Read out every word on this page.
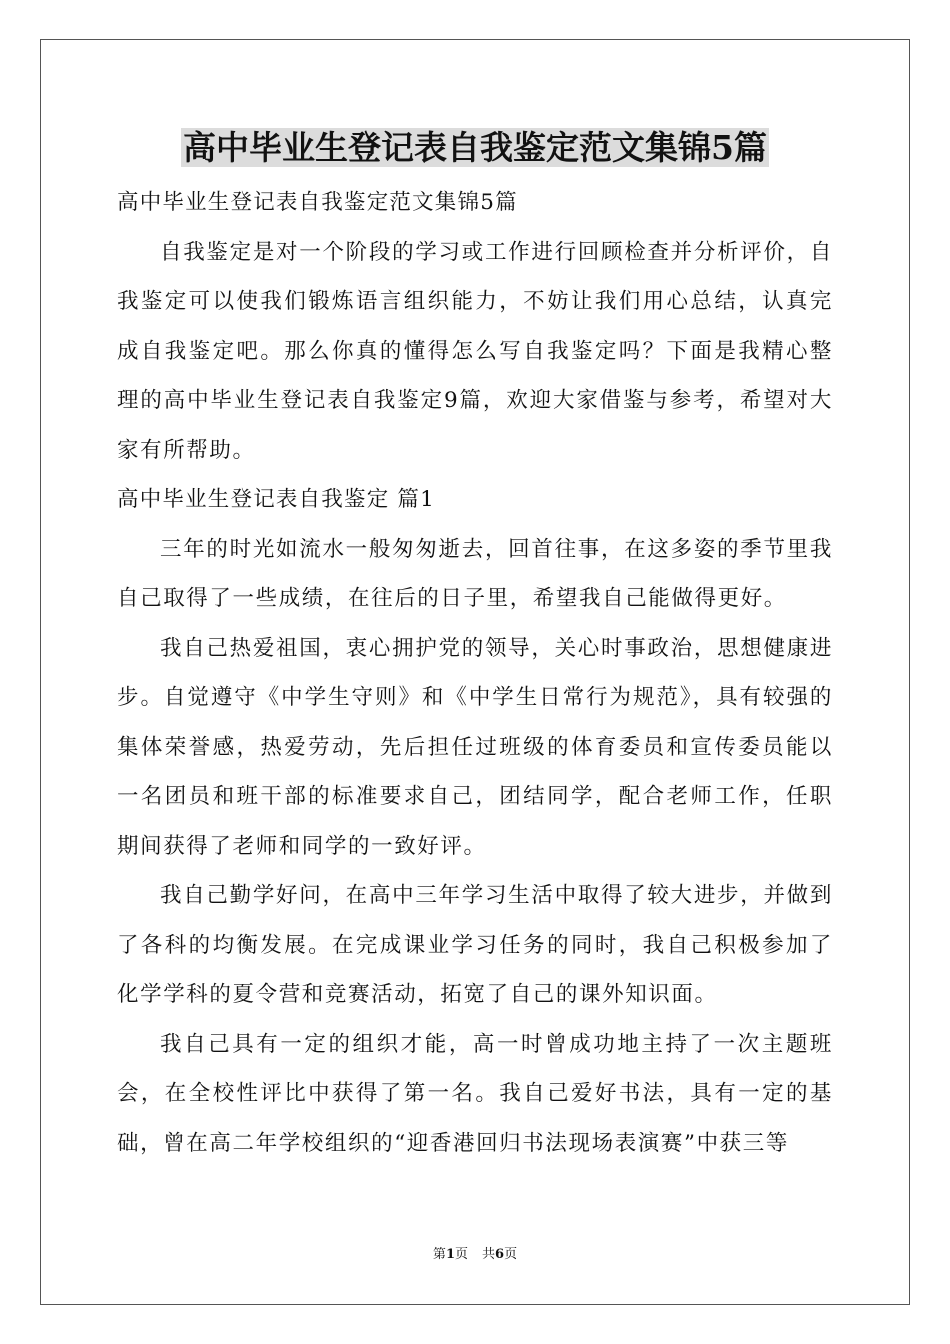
高中毕业生登记表自我鉴定范文集锦5篇

高中毕业生登记表自我鉴定范文集锦5篇

自我鉴定是对一个阶段的学习或工作进行回顾检查并分析评价，自我鉴定可以使我们锻炼语言组织能力，不妨让我们用心总结，认真完成自我鉴定吧。那么你真的懂得怎么写自我鉴定吗？下面是我精心整理的高中毕业生登记表自我鉴定9篇，欢迎大家借鉴与参考，希望对大家有所帮助。

高中毕业生登记表自我鉴定 篇1

三年的时光如流水一般匆匆逝去，回首往事，在这多姿的季节里我自己取得了一些成绩，在往后的日子里，希望我自己能做得更好。

我自己热爱祖国，衷心拥护党的领导，关心时事政治，思想健康进步。自觉遵守《中学生守则》和《中学生日常行为规范》，具有较强的集体荣誉感，热爱劳动，先后担任过班级的体育委员和宣传委员能以一名团员和班干部的标准要求自己，团结同学，配合老师工作，任职期间获得了老师和同学的一致好评。

我自己勤学好问，在高中三年学习生活中取得了较大进步，并做到了各科的均衡发展。在完成课业学习任务的同时，我自己积极参加了化学学科的夏令营和竞赛活动，拓宽了自己的课外知识面。

我自己具有一定的组织才能，高一时曾成功地主持了一次主题班会，在全校性评比中获得了第一名。我自己爱好书法，具有一定的基础，曾在高二年学校组织的“迎香港回归书法现场表演赛”中获三等

第1页 共6页
